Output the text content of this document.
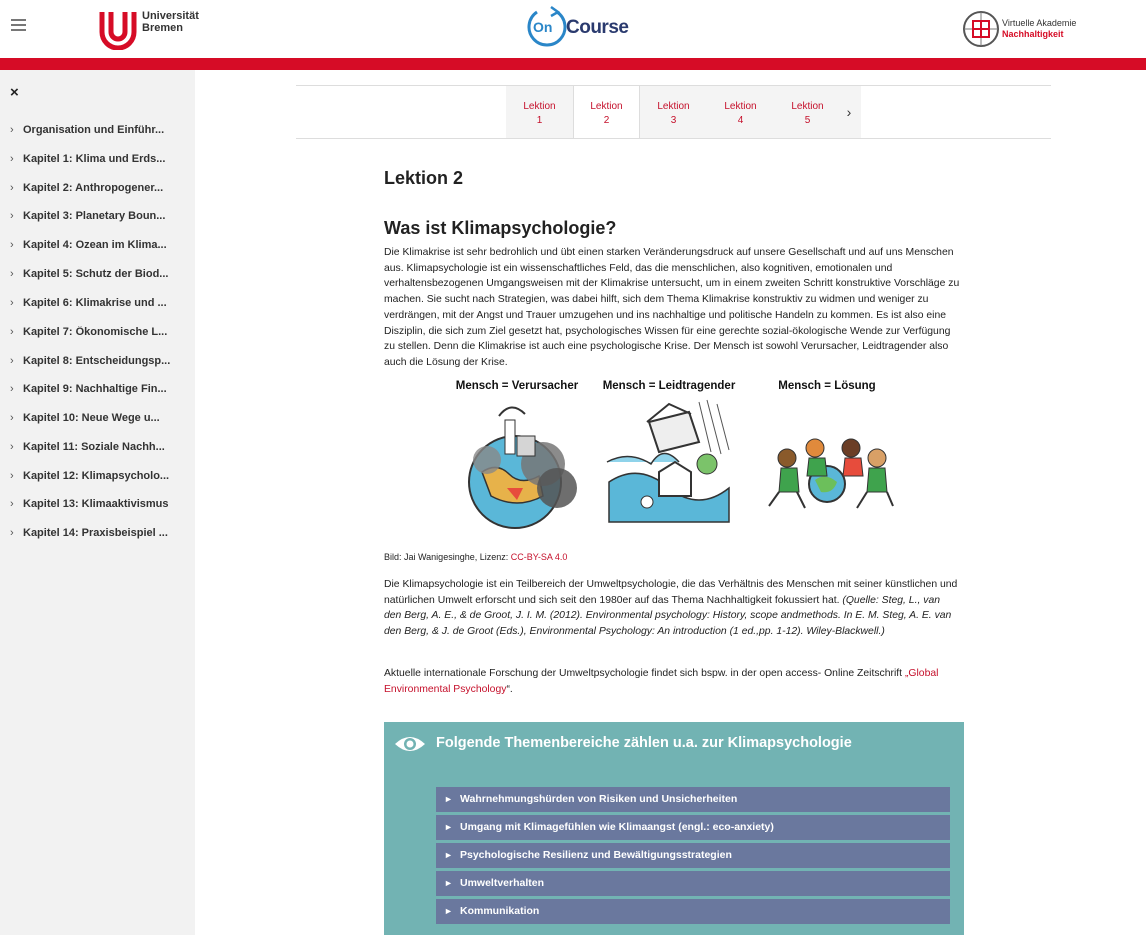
Universität
Bremen	On Course	Virtuelle Akademie
Nachhaltigkeit
×
› Organisation und Einführ...
› Kapitel 1: Klima und Erds...
› Kapitel 2: Anthropogener...
› Kapitel 3: Planetary Boun...
› Kapitel 4: Ozean im Klima...
› Kapitel 5: Schutz der Biod...
› Kapitel 6: Klimakrise und ...
› Kapitel 7: Ökonomische L...
› Kapitel 8: Entscheidungsp...
› Kapitel 9: Nachhaltige Fin...
› Kapitel 10: Neue Wege u...
› Kapitel 11: Soziale Nachh...
› Kapitel 12: Klimapsycholo...
› Kapitel 13: Klimaaktivismus
› Kapitel 14: Praxisbeispiel ...
Lektion
1
Lektion
2
Lektion
3
Lektion
4
Lektion
5
›
Lektion 2
Was ist Klimapsychologie?
Die Klimakrise ist sehr bedrohlich und übt einen starken Veränderungsdruck auf unsere Gesellschaft und auf uns Menschen aus. Klimapsychologie ist ein wissenschaftliches Feld, das die menschlichen, also kognitiven, emotionalen und verhaltensbezogenen Umgangsweisen mit der Klimakrise untersucht, um in einem zweiten Schritt konstruktive Vorschläge zu machen. Sie sucht nach Strategien, was dabei hilft, sich dem Thema Klimakrise konstruktiv zu widmen und weniger zu verdrängen, mit der Angst und Trauer umzugehen und ins nachhaltige und politische Handeln zu kommen. Es ist also eine Disziplin, die sich zum Ziel gesetzt hat, psychologisches Wissen für eine gerechte sozial-ökologische Wende zur Verfügung zu stellen. Denn die Klimakrise ist auch eine psychologische Krise. Der Mensch ist sowohl Verursacher, Leidtragender also auch die Lösung der Krise.
Mensch = Verursacher	Mensch = Leidtragender	Mensch = Lösung
Bild: Jai Wanigesinghe, Lizenz: CC-BY-SA 4.0
Die Klimapsychologie ist ein Teilbereich der Umweltpsychologie, die das Verhältnis des Menschen mit seiner künstlichen und natürlichen Umwelt erforscht und sich seit den 1980er auf das Thema Nachhaltigkeit fokussiert hat. (Quelle: Steg, L., van den Berg, A. E., & de Groot, J. I. M. (2012). Environmental psychology: History, scope andmethods. In E. M. Steg, A. E. van den Berg, & J. de Groot (Eds.), Environmental Psychology: An introduction (1 ed.,pp. 1-12). Wiley-Blackwell.)
Aktuelle internationale Forschung der Umweltpsychologie findet sich bspw. in der open access- Online Zeitschrift „Global Environmental Psychology“.
Folgende Themenbereiche zählen u.a. zur Klimapsychologie
► Wahrnehmungshürden von Risiken und Unsicherheiten
► Umgang mit Klimagefühlen wie Klimaangst (engl.: eco-anxiety)
► Psychologische Resilienz und Bewältigungsstrategien
► Umweltverhalten
► Kommunikation
